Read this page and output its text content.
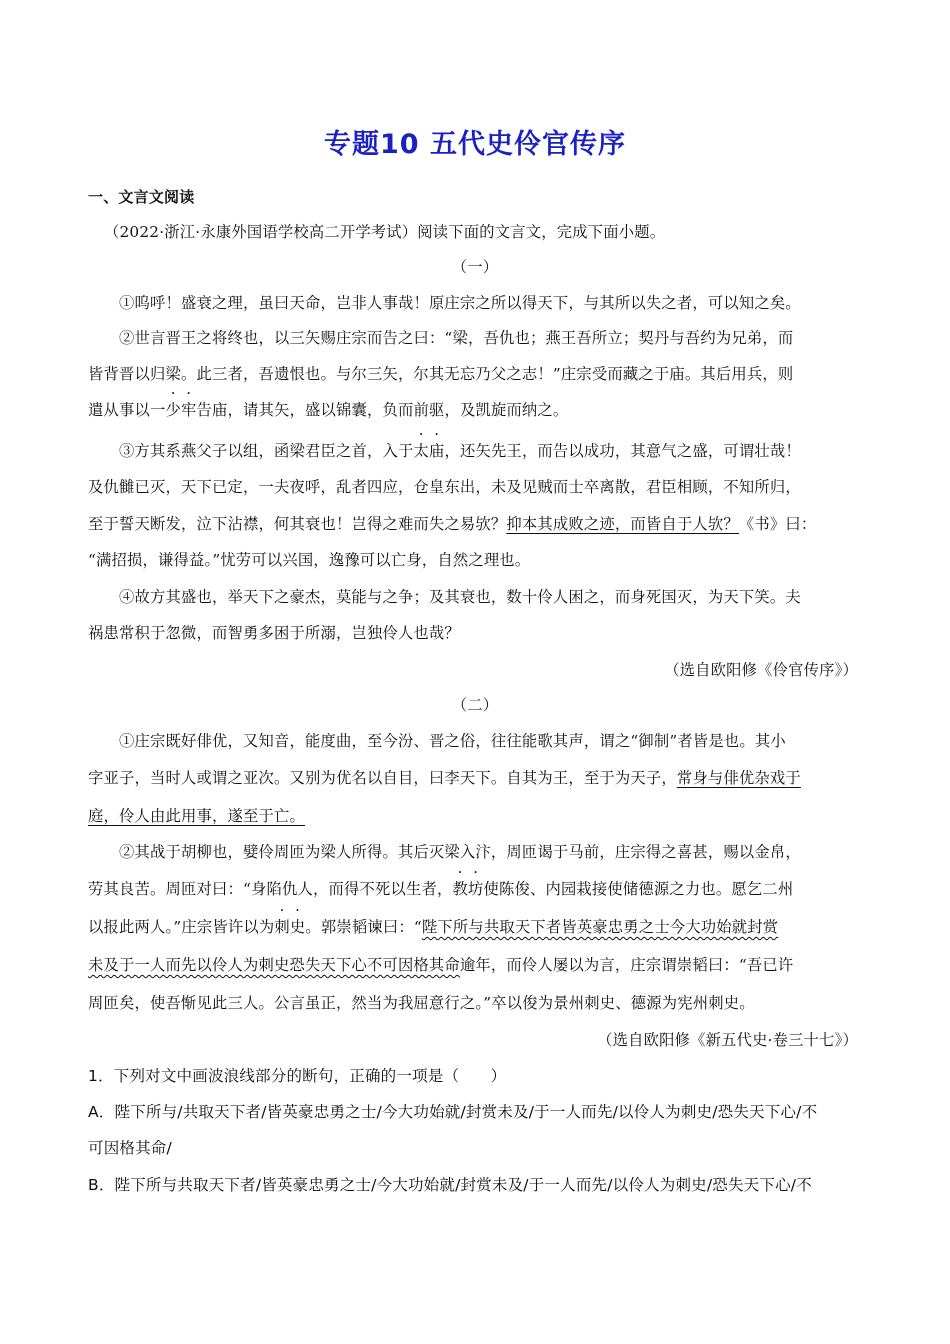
专题10 五代史伶官传序
一、文言文阅读
（2022·浙江·永康外国语学校高二开学考试）阅读下面的文言文，完成下面小题。
（一）
①呜呼！盛衰之理，虽曰天命，岂非人事哉！原庄宗之所以得天下，与其所以失之者，可以知之矣。
②世言晋王之将终也，以三矢赐庄宗而告之曰：“梁，吾仇也；燕王吾所立；契丹与吾约为兄弟，而
皆背晋以归梁。此三者，吾遗恨也。与尔三矢，尔其无忘乃父之志！”庄宗受而藏之于庙。其后用兵，则
遣从事以一少牢告庙，请其矢，盛以锦囊，负而前驱，及凯旋而纳之。
③方其系燕父子以组，函梁君臣之首，入于太庙，还矢先王，而告以成功，其意气之盛，可谓壮哉！
及仇雠已灭，天下已定，一夫夜呼，乱者四应，仓皇东出，未及见贼而士卒离散，君臣相顾，不知所归，
至于誓天断发，泣下沾襟，何其衰也！岂得之难而失之易欤？抑本其成败之迹，而皆自于人欤？《书》曰：
“满招损，谦得益。”忧劳可以兴国，逸豫可以亡身，自然之理也。
④故方其盛也，举天下之豪杰，莫能与之争；及其衰也，数十伶人困之，而身死国灭，为天下笑。夫
祸患常积于忽微，而智勇多困于所溺，岂独伶人也哉？
（选自欧阳修《伶官传序》）
（二）
①庄宗既好俳优，又知音，能度曲，至今汾、晋之俗，往往能歌其声，谓之“御制”者皆是也。其小
字亚子，当时人或谓之亚次。又别为优名以自目，曰李天下。自其为王，至于为天子，常身与俳优杂戏于
庭，伶人由此用事，遂至于亡。
②其战于胡柳也，嬖伶周匝为梁人所得。其后灭梁入汴，周匝谒于马前，庄宗得之喜甚，赐以金帛，
劳其良苦。周匝对曰：“身陷仇人，而得不死以生者，教坊使陈俊、内园栽接使储德源之力也。愿乞二州
以报此两人。”庄宗皆许以为刺史。郭崇韬谏曰：“陛下所与共取天下者皆英豪忠勇之士今大功始就封赏
未及于一人而先以伶人为刺史恐失天下心不可因格其命逾年，而伶人屡以为言，庄宗谓崇韬曰：“吾已许
周匝矣，使吾惭见此三人。公言虽正，然当为我屈意行之。”卒以俊为景州刺史、德源为宪州刺史。
（选自欧阳修《新五代史·卷三十七》）
1．下列对文中画波浪线部分的断句，正确的一项是（　　）
A．陛下所与/共取天下者/皆英豪忠勇之士/今大功始就/封赏未及/于一人而先/以伶人为刺史/恐失天下心/不
可因格其命/
B．陛下所与共取天下者/皆英豪忠勇之士/今大功始就/封赏未及/于一人而先/以伶人为刺史/恐失天下心/不
